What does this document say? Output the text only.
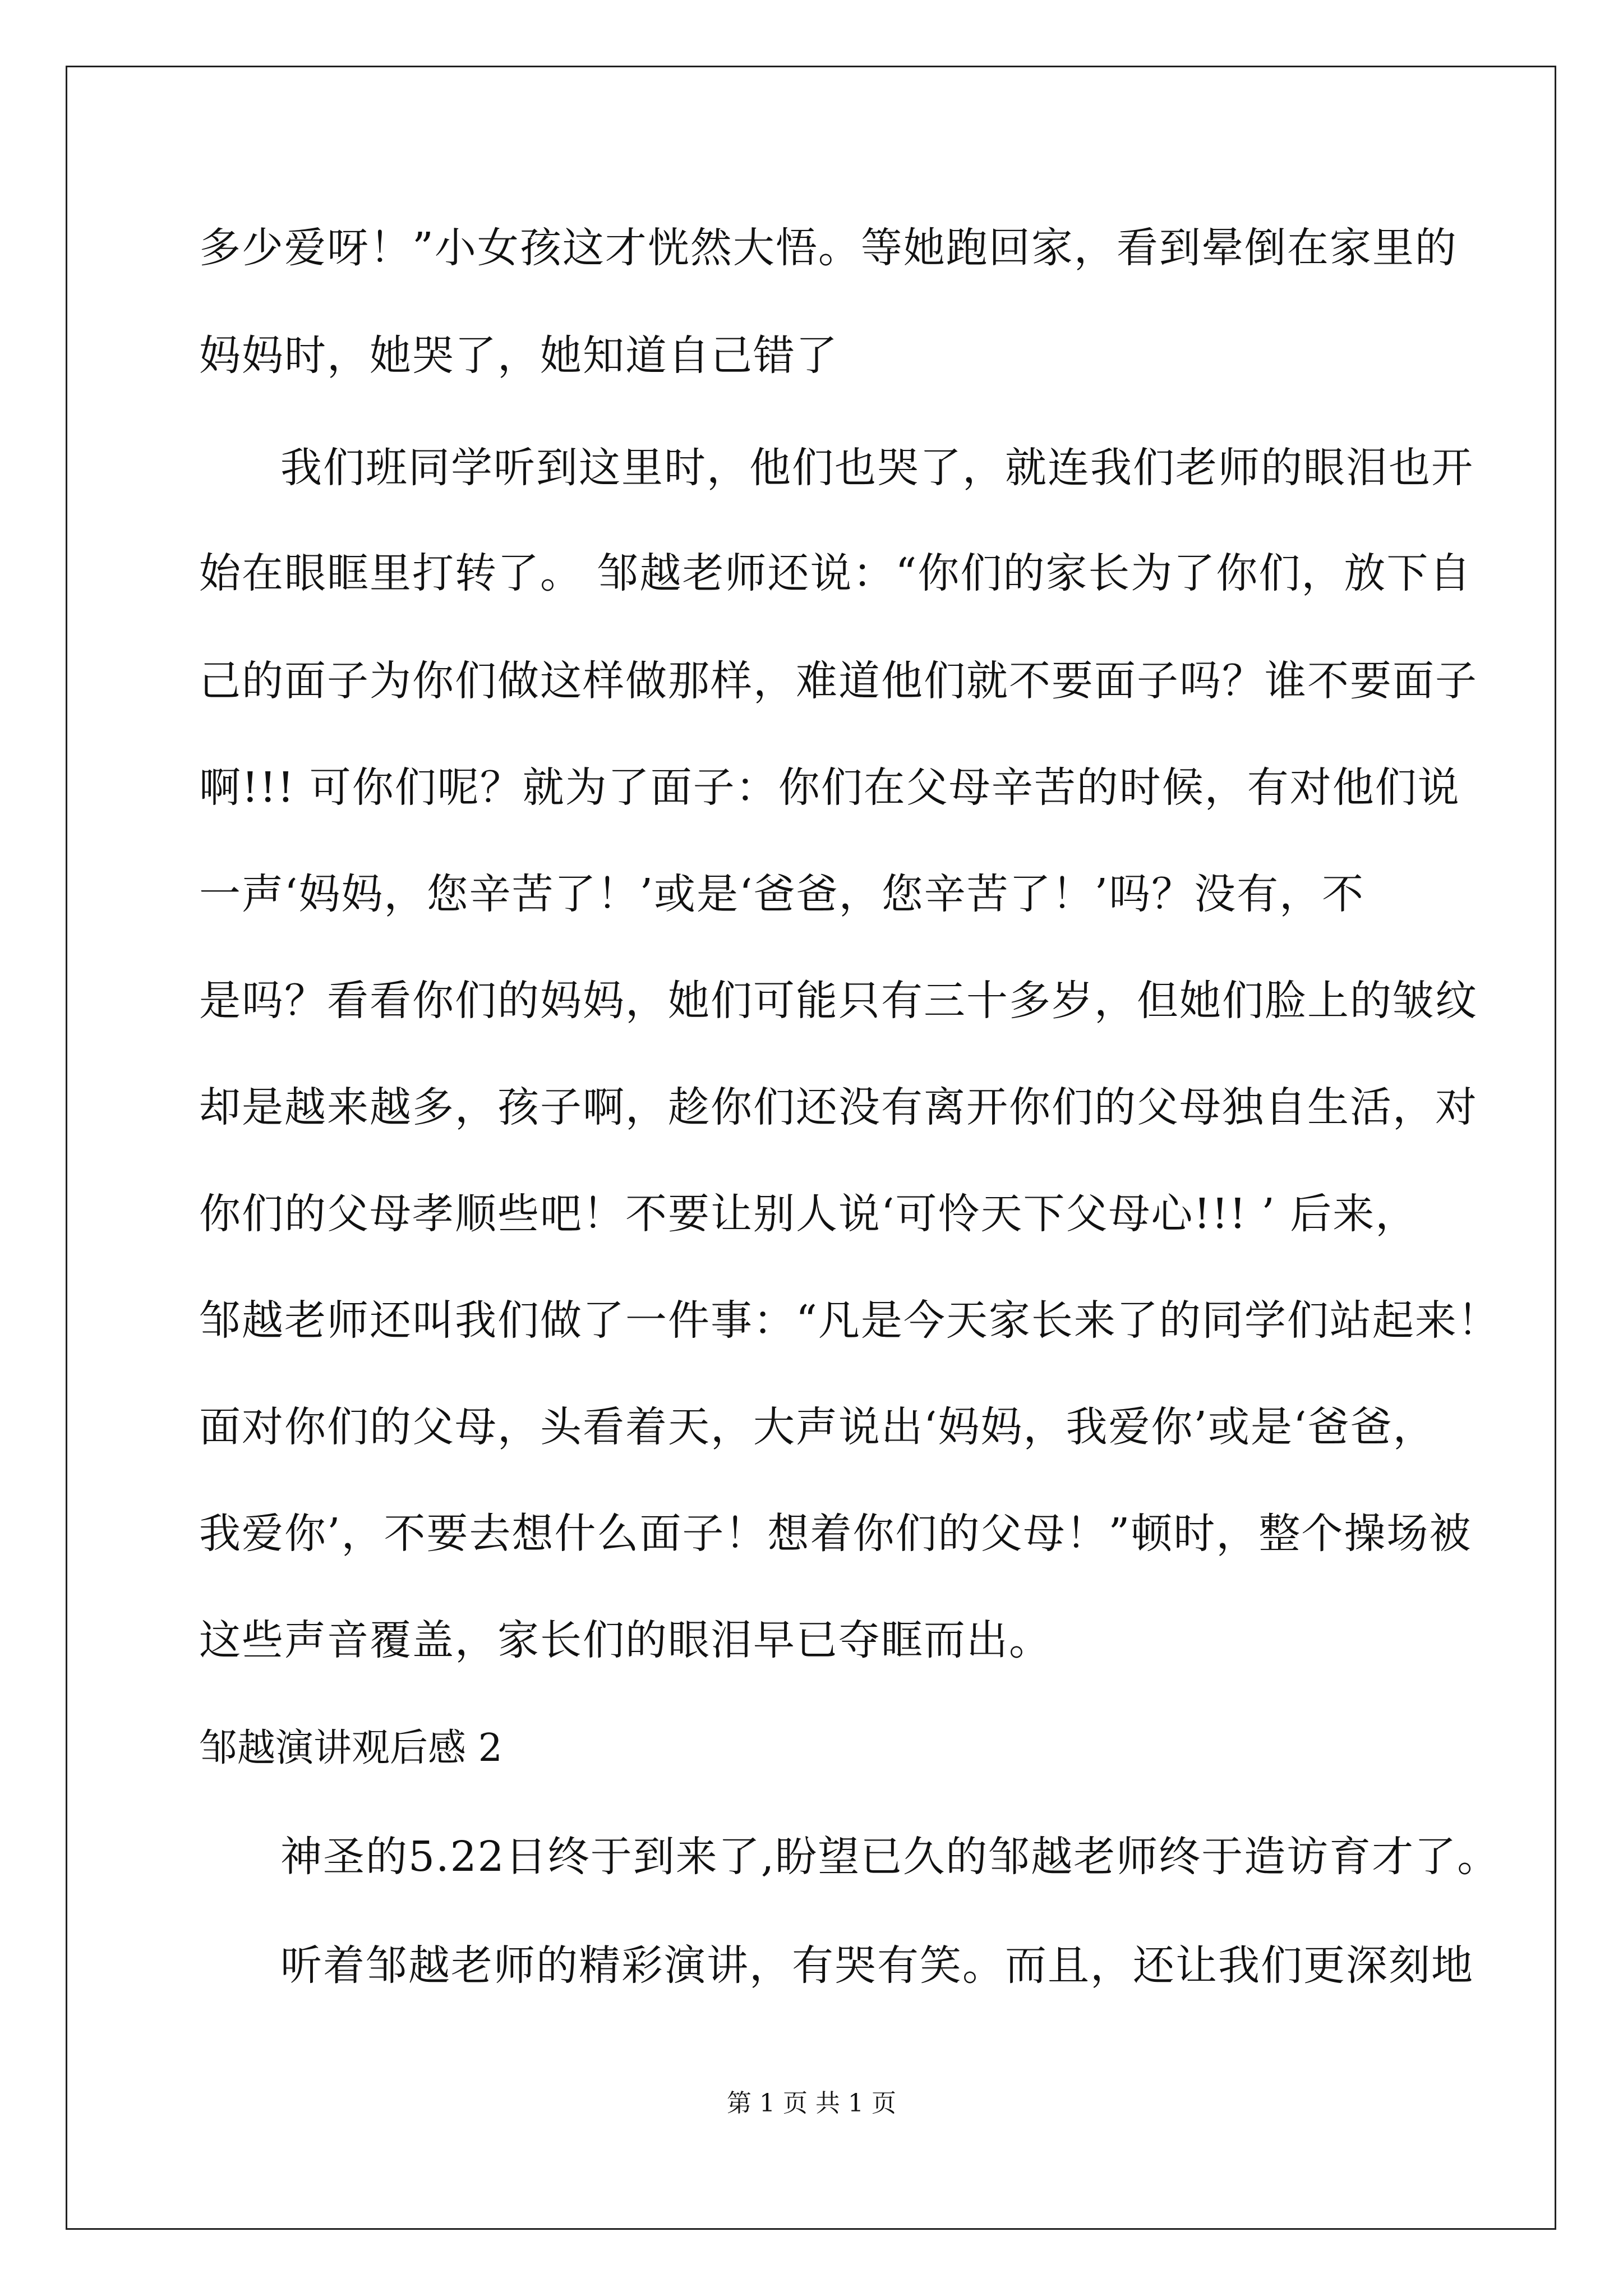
多少爱呀！”小女孩这才恍然大悟。等她跑回家，看到晕倒在家里的
妈妈时，她哭了，她知道自己错了
我们班同学听到这里时，他们也哭了，就连我们老师的眼泪也开
始在眼眶里打转了。 邹越老师还说：“你们的家长为了你们，放下自
己的面子为你们做这样做那样，难道他们就不要面子吗？谁不要面子
啊!!! 可你们呢？就为了面子：你们在父母辛苦的时候，有对他们说
一声‘妈妈，您辛苦了！’或是‘爸爸，您辛苦了！’吗？没有，不
是吗？看看你们的妈妈，她们可能只有三十多岁，但她们脸上的皱纹
却是越来越多，孩子啊，趁你们还没有离开你们的父母独自生活，对
你们的父母孝顺些吧！不要让别人说‘可怜天下父母心!!! ’ 后来，
邹越老师还叫我们做了一件事：“凡是今天家长来了的同学们站起来！
面对你们的父母，头看着天，大声说出‘妈妈，我爱你’或是‘爸爸，
我爱你’，不要去想什么面子！想着你们的父母！”顿时，整个操场被
这些声音覆盖，家长们的眼泪早已夺眶而出。
邹越演讲观后感 2
神圣的5.22日终于到来了,盼望已久的邹越老师终于造访育才了。
听着邹越老师的精彩演讲，有哭有笑。而且，还让我们更深刻地
第 1 页 共 1 页
